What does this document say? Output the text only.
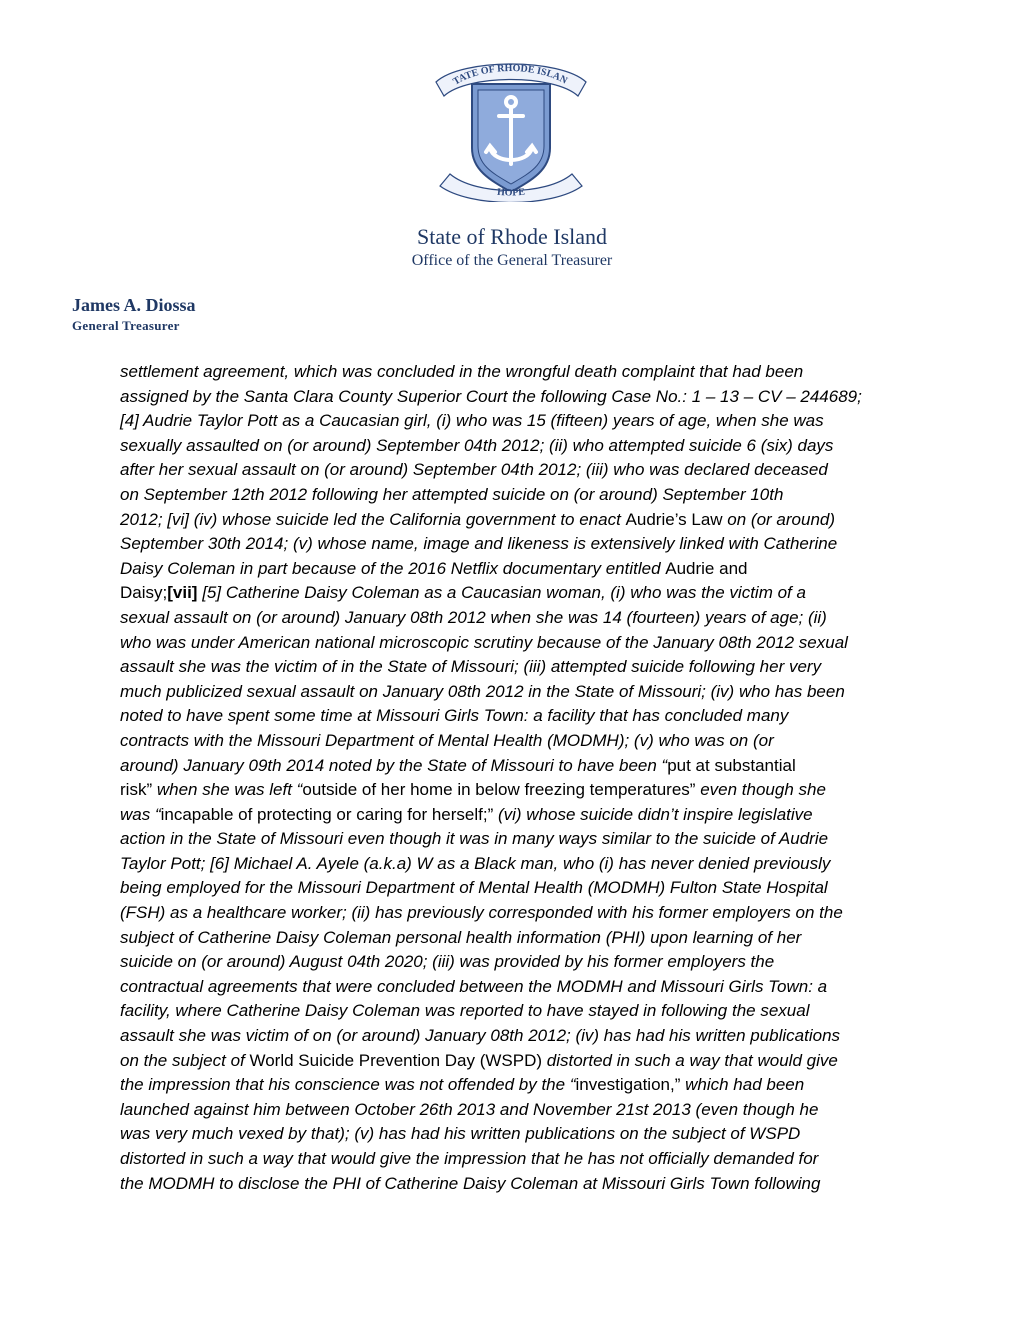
TATE OF RHODE ISLAN
HOPE
State of Rhode Island
Office of the General Treasurer
James A. Diossa
General Treasurer
settlement agreement, which was concluded in the wrongful death complaint that had been
assigned by the Santa Clara County Superior Court the following Case No.: 1 – 13 – CV – 244689;
[4] Audrie Taylor Pott as a Caucasian girl, (i) who was 15 (fifteen) years of age, when she was
sexually assaulted on (or around) September 04th 2012; (ii) who attempted suicide 6 (six) days
after her sexual assault on (or around) September 04th 2012; (iii) who was declared deceased
on September 12th 2012 following her attempted suicide on (or around) September 10th
2012; [vi] (iv) whose suicide led the California government to enact Audrie’s Law on (or around)
September 30th 2014; (v) whose name, image and likeness is extensively linked with Catherine
Daisy Coleman in part because of the 2016 Netflix documentary entitled Audrie and
Daisy;[vii] [5] Catherine Daisy Coleman as a Caucasian woman, (i) who was the victim of a
sexual assault on (or around) January 08th 2012 when she was 14 (fourteen) years of age; (ii)
who was under American national microscopic scrutiny because of the January 08th 2012 sexual
assault she was the victim of in the State of Missouri; (iii) attempted suicide following her very
much publicized sexual assault on January 08th 2012 in the State of Missouri; (iv) who has been
noted to have spent some time at Missouri Girls Town: a facility that has concluded many
contracts with the Missouri Department of Mental Health (MODMH); (v) who was on (or
around) January 09th 2014 noted by the State of Missouri to have been “put at substantial
risk” when she was left “outside of her home in below freezing temperatures” even though she
was “incapable of protecting or caring for herself;” (vi) whose suicide didn’t inspire legislative
action in the State of Missouri even though it was in many ways similar to the suicide of Audrie
Taylor Pott; [6] Michael A. Ayele (a.k.a) W as a Black man, who (i) has never denied previously
being employed for the Missouri Department of Mental Health (MODMH) Fulton State Hospital
(FSH) as a healthcare worker; (ii) has previously corresponded with his former employers on the
subject of Catherine Daisy Coleman personal health information (PHI) upon learning of her
suicide on (or around) August 04th 2020; (iii) was provided by his former employers the
contractual agreements that were concluded between the MODMH and Missouri Girls Town: a
facility, where Catherine Daisy Coleman was reported to have stayed in following the sexual
assault she was victim of on (or around) January 08th 2012; (iv) has had his written publications
on the subject of World Suicide Prevention Day (WSPD) distorted in such a way that would give
the impression that his conscience was not offended by the “investigation,” which had been
launched against him between October 26th 2013 and November 21st 2013 (even though he
was very much vexed by that); (v) has had his written publications on the subject of WSPD
distorted in such a way that would give the impression that he has not officially demanded for
the MODMH to disclose the PHI of Catherine Daisy Coleman at Missouri Girls Town following
